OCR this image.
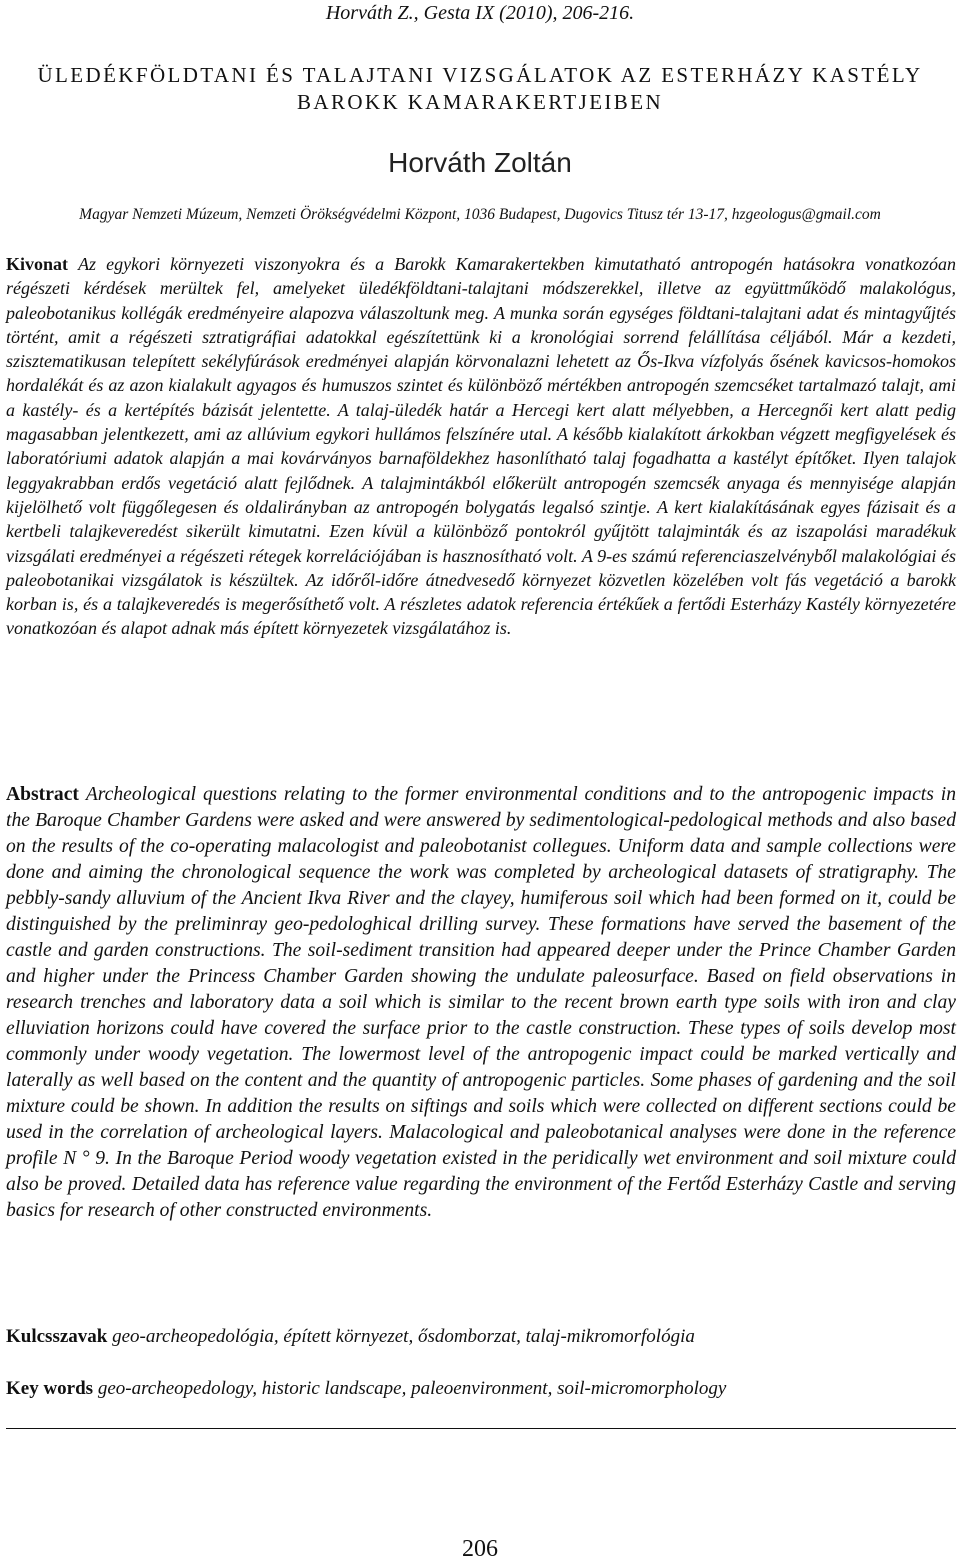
Horváth Z., Gesta IX (2010), 206-216.
ÜLEDÉKFÖLDTANI ÉS TALAJTANI VIZSGÁLATOK AZ ESTERHÁZY KASTÉLY
BAROKK KAMARAKERTJEIBEN
Horváth Zoltán
Magyar Nemzeti Múzeum, Nemzeti Örökségvédelmi Központ, 1036 Budapest, Dugovics Titusz tér 13-17, hzgeologus@gmail.com

Kivonat Az egykori környezeti viszonyokra és a Barokk Kamarakertekben kimutatható antropogén hatásokra vonatkozóan régészeti kérdések merültek fel, amelyeket üledékföldtani-talajtani módszerekkel, illetve az együttműködő malakológus, paleobotanikus kollégák eredményeire alapozva válaszoltunk meg. A munka során egységes földtani-talajtani adat és mintagyűjtés történt, amit a régészeti sztratigráfiai adatokkal egészítettünk ki a kronológiai sorrend felállítása céljából. Már a kezdeti, szisztematikusan telepített sekélyfúrások eredményei alapján körvonalazni lehetett az Ős-Ikva vízfolyás ősének kavicsos-homokos hordalékát és az azon kialakult agyagos és humuszos szintet és különböző mértékben antropogén szemcséket tartalmazó talajt, ami a kastély- és a kertépítés bázisát jelentette. A talaj-üledék határ a Hercegi kert alatt mélyebben, a Hercegnői kert alatt pedig magasabban jelentkezett, ami az allúvium egykori hullámos felszínére utal. A később kialakított árkokban végzett megfigyelések és laboratóriumi adatok alapján a mai kovárványos barnaföldekhez hasonlítható talaj fogadhatta a kastélyt építőket. Ilyen talajok leggyakrabban erdős vegetáció alatt fejlődnek. A talajmintákból előkerült antropogén szemcsék anyaga és mennyisége alapján kijelölhető volt függőlegesen és oldalirányban az antropogén bolygatás legalsó szintje. A kert kialakításának egyes fázisait és a kertbeli talajkeveredést sikerült kimutatni. Ezen kívül a különböző pontokról gyűjtött talajminták és az iszapolási maradékuk vizsgálati eredményei a régészeti rétegek korrelációjában is hasznosítható volt. A 9-es számú referenciaszelvényből malakológiai és paleobotanikai vizsgálatok is készültek. Az időről-időre átnedvesedő környezet közvetlen közelében volt fás vegetáció a barokk korban is, és a talajkeveredés is megerősíthető volt. A részletes adatok referencia értékűek a fertődi Esterházy Kastély környezetére vonatkozóan és alapot adnak más épített környezetek vizsgálatához is.

Abstract Archeological questions relating to the former environmental conditions and to the antropogenic impacts in the Baroque Chamber Gardens were asked and were answered by sedimentological-pedological methods and also based on the results of the co-operating malacologist and paleobotanist collegues. Uniform data and sample collections were done and aiming the chronological sequence the work was completed by archeological datasets of stratigraphy. The pebbly-sandy alluvium of the Ancient Ikva River and the clayey, humiferous soil which had been formed on it, could be distinguished by the preliminray geo-pedologhical drilling survey. These formations have served the basement of the castle and garden constructions. The soil-sediment transition had appeared deeper under the Prince Chamber Garden and higher under the Princess Chamber Garden showing the undulate paleosurface. Based on field observations in research trenches and laboratory data a soil which is similar to the recent brown earth type soils with iron and clay elluviation horizons could have covered the surface prior to the castle construction. These types of soils develop most commonly under woody vegetation. The lowermost level of the antropogenic impact could be marked vertically and laterally as well based on the content and the quantity of antropogenic particles. Some phases of gardening and the soil mixture could be shown. In addition the results on siftings and soils which were collected on different sections could be used in the correlation of archeological layers. Malacological and paleobotanical analyses were done in the reference profile N ° 9. In the Baroque Period woody vegetation existed in the peridically wet environment and soil mixture could also be proved. Detailed data has reference value regarding the environment of the Fertőd Esterházy Castle and serving basics for research of other constructed environments.

Kulcsszavak geo-archeopedológia, épített környezet, ősdomborzat, talaj-mikromorfológia
Key words geo-archeopedology, historic landscape, paleoenvironment, soil-micromorphology
206
